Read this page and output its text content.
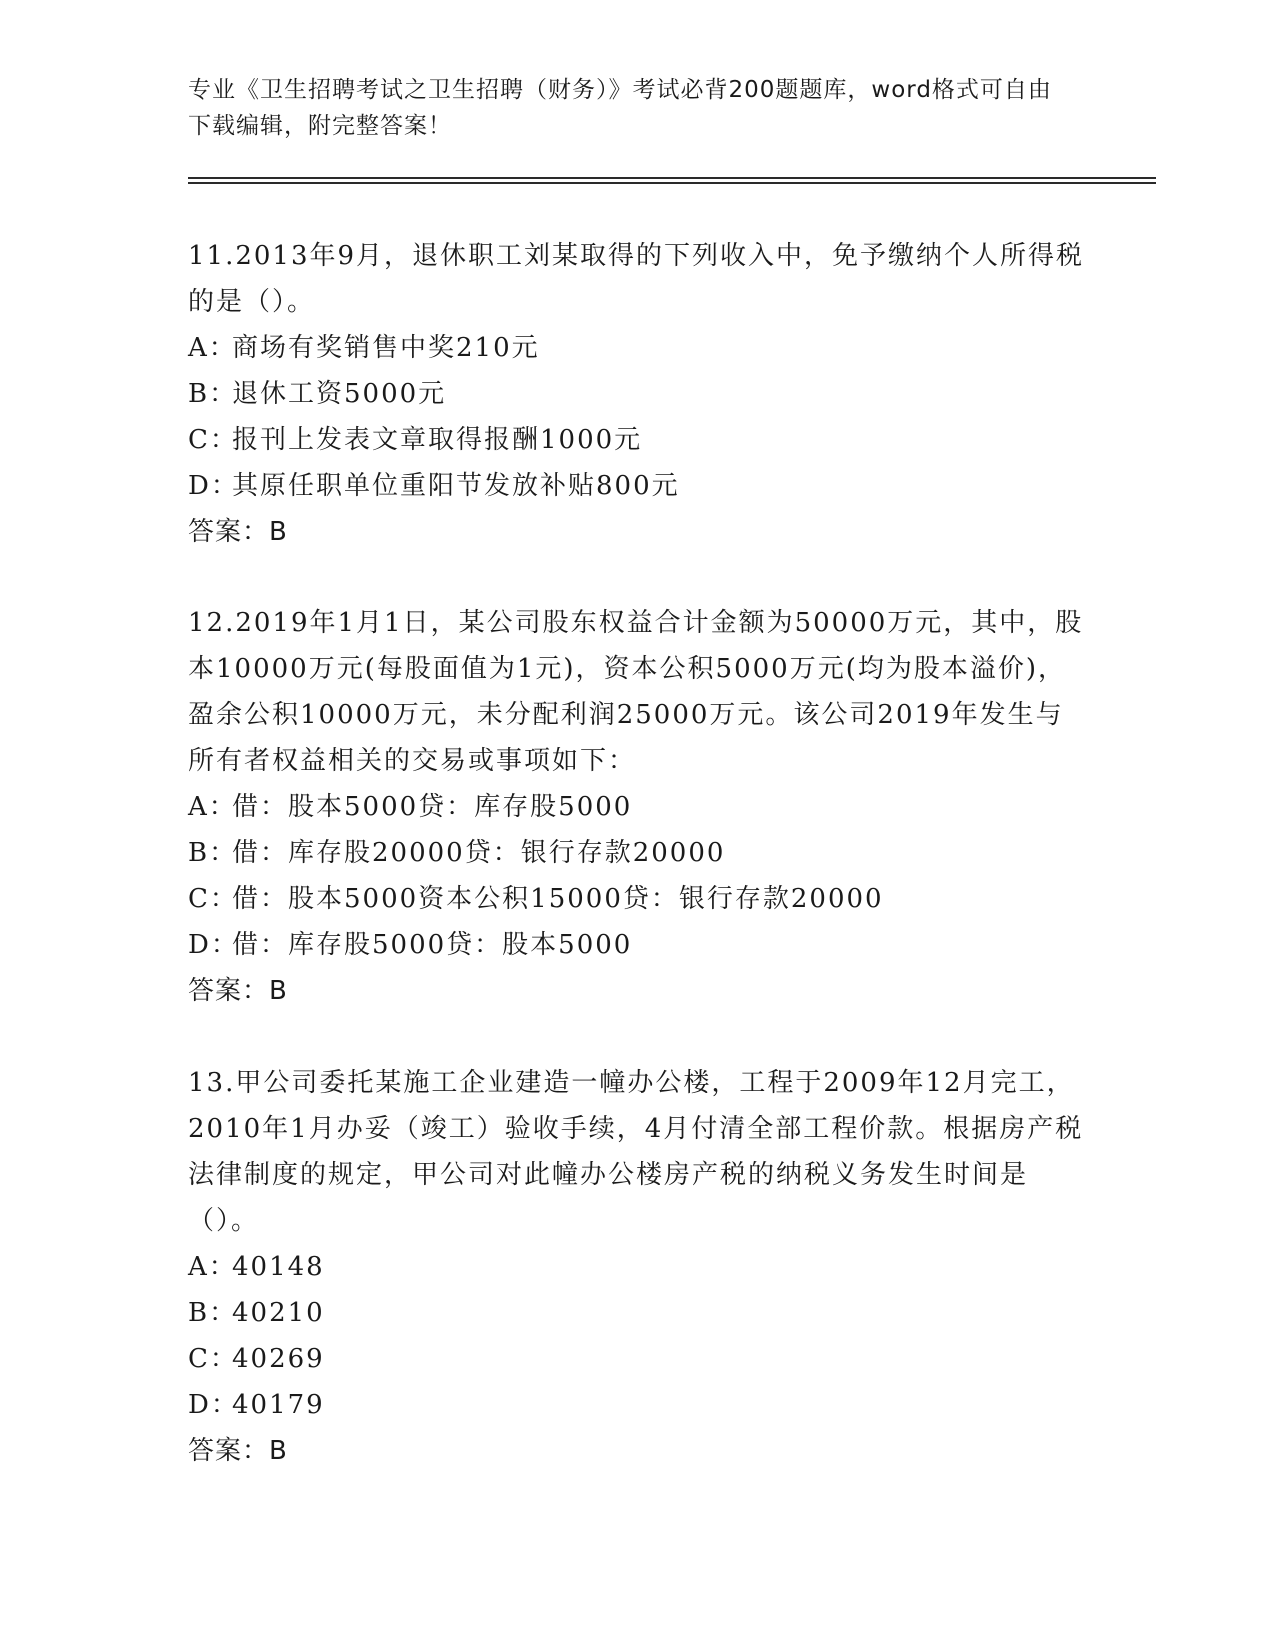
专业《卫生招聘考试之卫生招聘（财务）》考试必背200题题库，word格式可自由下载编辑，附完整答案！

11.2013年9月，退休职工刘某取得的下列收入中，免予缴纳个人所得税的是（）。

A：商场有奖销售中奖210元

B：退休工资5000元

C：报刊上发表文章取得报酬1000元

D：其原任职单位重阳节发放补贴800元

答案：B

12.2019年1月1日，某公司股东权益合计金额为50000万元，其中，股本10000万元(每股面值为1元)，资本公积5000万元(均为股本溢价)，盈余公积10000万元，未分配利润25000万元。该公司2019年发生与所有者权益相关的交易或事项如下：

A：借：股本5000贷：库存股5000

B：借：库存股20000贷：银行存款20000

C：借：股本5000资本公积15000贷：银行存款20000

D：借：库存股5000贷：股本5000

答案：B

13.甲公司委托某施工企业建造一幢办公楼，工程于2009年12月完工，2010年1月办妥（竣工）验收手续，4月付清全部工程价款。根据房产税法律制度的规定，甲公司对此幢办公楼房产税的纳税义务发生时间是（）。

A：40148

B：40210

C：40269

D：40179

答案：B
